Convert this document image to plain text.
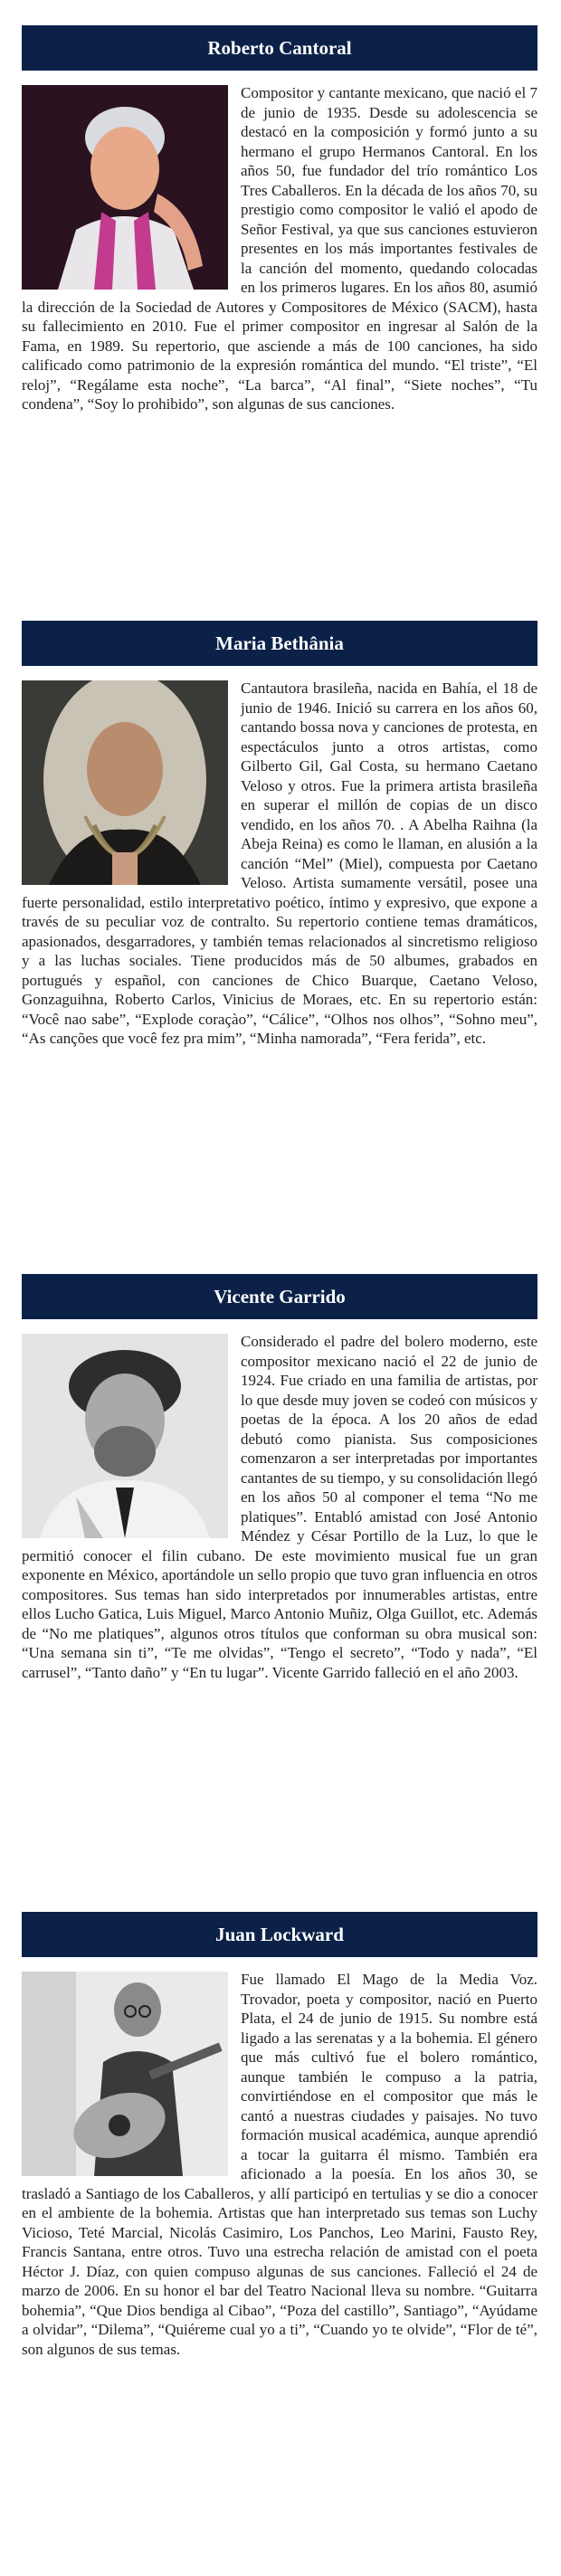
Roberto Cantoral
Compositor y cantante mexicano, que nació el 7 de junio de 1935. Desde su adolescencia se destacó en la composición y formó junto a su hermano el grupo Hermanos Cantoral. En los años 50, fue fundador del trío romántico Los Tres Caballeros. En la década de los años 70, su prestigio como compositor le valió el apodo de Señor Festival, ya que sus canciones estuvieron presentes en los más importantes festivales de la canción del momento, quedando colocadas en los primeros lugares. En los años 80, asumió la dirección de la Sociedad de Autores y Compositores de México (SACM), hasta su fallecimiento en 2010. Fue el primer compositor en ingresar al Salón de la Fama, en 1989. Su repertorio, que asciende a más de 100 canciones, ha sido calificado como patrimonio de la expresión romántica del mundo. “El triste”, “El reloj”, “Regálame esta noche”, “La barca”, “Al final”, “Siete noches”, “Tu condena”, “Soy lo prohibido”, son algunas de sus canciones.
Maria Bethânia
Cantautora brasileña, nacida en Bahía, el 18 de junio de 1946. Inició su carrera en los años 60, cantando bossa nova y canciones de protesta, en espectáculos junto a otros artistas, como Gilberto Gil, Gal Costa, su hermano Caetano Veloso y otros. Fue la primera artista brasileña en superar el millón de copias de un disco vendido, en los años 70. . A Abelha Raihna (la Abeja Reina) es como le llaman, en alusión a la canción “Mel” (Miel), compuesta por Caetano Veloso. Artista sumamente versátil, posee una fuerte personalidad, estilo interpretativo poético, íntimo y expresivo, que expone a través de su peculiar voz de contralto. Su repertorio contiene temas dramáticos, apasionados, desgarradores, y también temas relacionados al sincretismo religioso y a las luchas sociales. Tiene producidos más de 50 albumes, grabados en portugués y español, con canciones de Chico Buarque, Caetano Veloso, Gonzaguihna, Roberto Carlos, Vinicius de Moraes, etc. En su repertorio están: “Você nao sabe”, “Explode coraçào”, “Cálice”, “Olhos nos olhos”, “Sohno meu”, “As canções que você fez pra mim”, “Minha namorada”, “Fera ferida”, etc.
Vicente Garrido
Considerado el padre del bolero moderno, este compositor mexicano nació el 22 de junio de 1924. Fue criado en una familia de artistas, por lo que desde muy joven se codeó con músicos y poetas de la época. A los 20 años de edad debutó como pianista. Sus composiciones comenzaron a ser interpretadas por importantes cantantes de su tiempo, y su consolidación llegó en los años 50 al componer el tema “No me platiques”. Entabló amistad con José Antonio Méndez y César Portillo de la Luz, lo que le permitió conocer el filin cubano. De este movimiento musical fue un gran exponente en México, aportándole un sello propio que tuvo gran influencia en otros compositores. Sus temas han sido interpretados por innumerables artistas, entre ellos Lucho Gatica, Luis Miguel, Marco Antonio Muñiz, Olga Guillot, etc. Además de “No me platiques”, algunos otros títulos que conforman su obra musical son: “Una semana sin ti”, “Te me olvidas”, “Tengo el secreto”, “Todo y nada”, “El carrusel”, “Tanto daño” y “En tu lugar”. Vicente Garrido falleció en el año 2003.
Juan Lockward
Fue llamado El Mago de la Media Voz. Trovador, poeta y compositor, nació en Puerto Plata, el 24 de junio de 1915. Su nombre está ligado a las serenatas y a la bohemia. El género que más cultivó fue el bolero romántico, aunque también le compuso a la patria, convirtiéndose en el compositor que más le cantó a nuestras ciudades y paisajes. No tuvo formación musical académica, aunque aprendió a tocar la guitarra él mismo. También era aficionado a la poesía. En los años 30, se trasladó a Santiago de los Caballeros, y allí participó en tertulias y se dio a conocer en el ambiente de la bohemia. Artistas que han interpretado sus temas son Luchy Vicioso, Teté Marcial, Nicolás Casimiro, Los Panchos, Leo Marini, Fausto Rey, Francis Santana, entre otros. Tuvo una estrecha relación de amistad con el poeta Héctor J. Díaz, con quien compuso algunas de sus canciones. Falleció el 24 de marzo de 2006. En su honor el bar del Teatro Nacional lleva su nombre. “Guitarra bohemia”, “Que Dios bendiga al Cibao”, “Poza del castillo”, Santiago”, “Ayúdame a olvidar”, “Dilema”, “Quiéreme cual yo a ti”, “Cuando yo te olvide”, “Flor de té”, son algunos de sus temas.
